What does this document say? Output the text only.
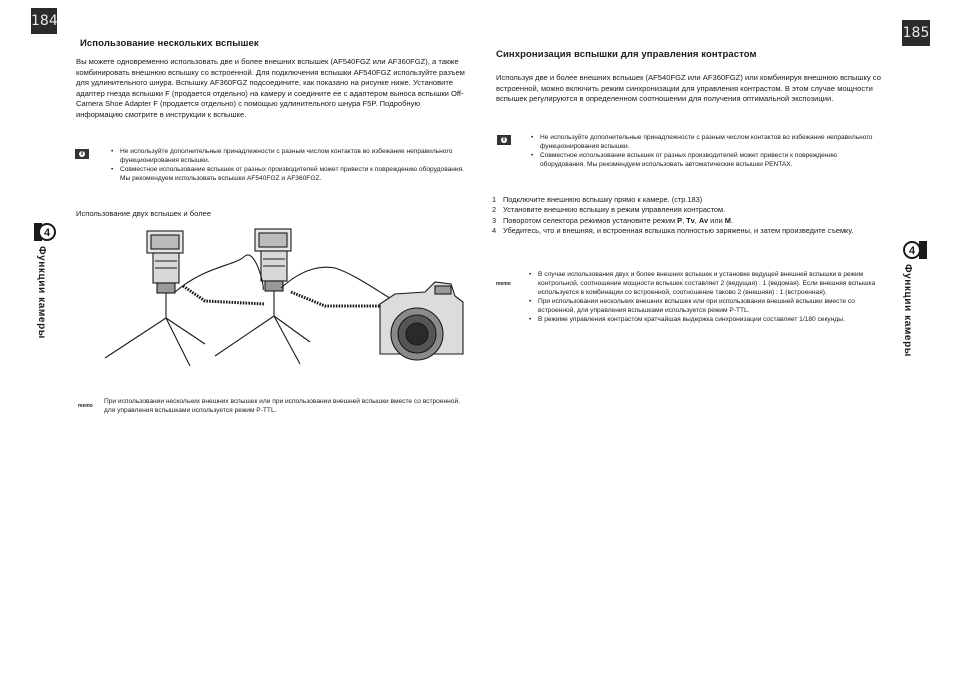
184
Использование нескольких вспышек
Вы можете одновременно использовать две и более внешних вспышек (AF540FGZ или AF360FGZ), а также комбинировать внешнюю вспышку со встроенной. Для подключения вспышки AF540FGZ используйте разъем для удлинительного шнура. Вспышку AF360FGZ подсоедините, как показано на рисунке ниже. Установите адаптер гнезда вспышки F (продается отдельно) на камеру и соедините ее с адаптером выноса вспышки Off-Camera Shoe Adapter F (продается отдельно) с помощью удлинительного шнура F5P. Подробную информацию смотрите в инструкции к вспышке.
• Не используйте дополнительные принадлежности с разным числом контактов во избежание неправильного функционирования вспышки.
• Совместное использование вспышек от разных производителей может привести к повреждению оборудования. Мы рекомендуем использовать вспышки AF540FGZ и AF360FGZ.
Использование двух вспышек и более
memo
При использовании нескольких внешних вспышек или при использовании внешней вспышки вместе со встроенной, для управления вспышками используется режим P-TTL.
4
Функции камеры
185
Синхронизация вспышки для управления контрастом
Используя две и более внешних вспышек (AF540FGZ или AF360FGZ) или комбинируя внешнюю вспышку со встроенной, можно включить режим синхронизации для управления контрастом. В этом случае мощности вспышек регулируются в определенном соотношении для получения оптимальной экспозиции.
• Не используйте дополнительные принадлежности с разным числом контактов во избежание неправильного функционирования вспышки.
• Совместное использование вспышек от разных производителей может привести к повреждению оборудования. Мы рекомендуем использовать автоматические вспышки PENTAX.
1 Подключите внешнюю вспышку прямо к камере. (стр.183)
2 Установите внешнюю вспышку в режим управления контрастом.
3 Поворотом селектора режимов установите режим P, Tv, Av или M.
4 Убедитесь, что и внешняя, и встроенная вспышка полностью заряжены, и затем произведите съемку.
memo
• В случае использования двух и более внешних вспышек и установке ведущей внешней вспышки в режим контрольной, соотношение мощности вспышек составляет 2 (ведущая) : 1 (ведомая). Если внешняя вспышка используется в комбинации со встроенной, соотношение таково 2 (внешняя) : 1 (встроенная).
• При использовании нескольких внешних вспышек или при использовании внешней вспышки вместе со встроенной, для управления вспышками используется режим P-TTL.
• В режиме управления контрастом кратчайшая выдержка синхронизации составляет 1/180 секунды.
4
Функции камеры
